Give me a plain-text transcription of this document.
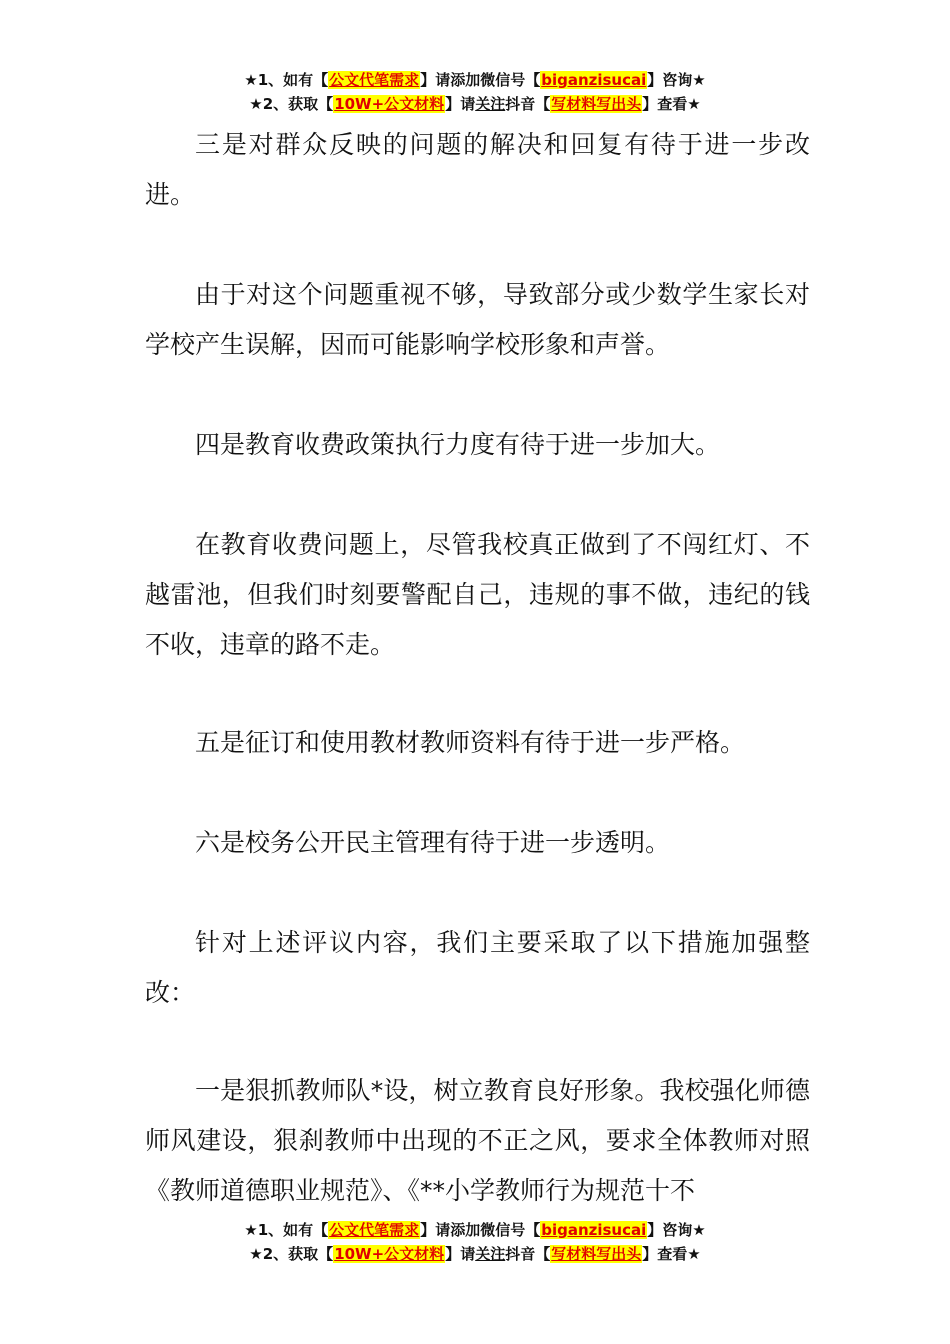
★1、如有【公文代笔需求】请添加微信号【biganzisucai】咨询★
★2、获取【10W+公文材料】请关注抖音【写材料写出头】查看★

三是对群众反映的问题的解决和回复有待于进一步改进。

由于对这个问题重视不够，导致部分或少数学生家长对学校产生误解，因而可能影响学校形象和声誉。

四是教育收费政策执行力度有待于进一步加大。

在教育收费问题上，尽管我校真正做到了不闯红灯、不越雷池，但我们时刻要警配自己，违规的事不做，违纪的钱不收，违章的路不走。

五是征订和使用教材教师资料有待于进一步严格。

六是校务公开民主管理有待于进一步透明。

针对上述评议内容，我们主要采取了以下措施加强整改：

一是狠抓教师队*设，树立教育良好形象。我校强化师德师风建设，狠刹教师中出现的不正之风，要求全体教师对照《教师道德职业规范》、《**小学教师行为规范十不

★1、如有【公文代笔需求】请添加微信号【biganzisucai】咨询★
★2、获取【10W+公文材料】请关注抖音【写材料写出头】查看★
